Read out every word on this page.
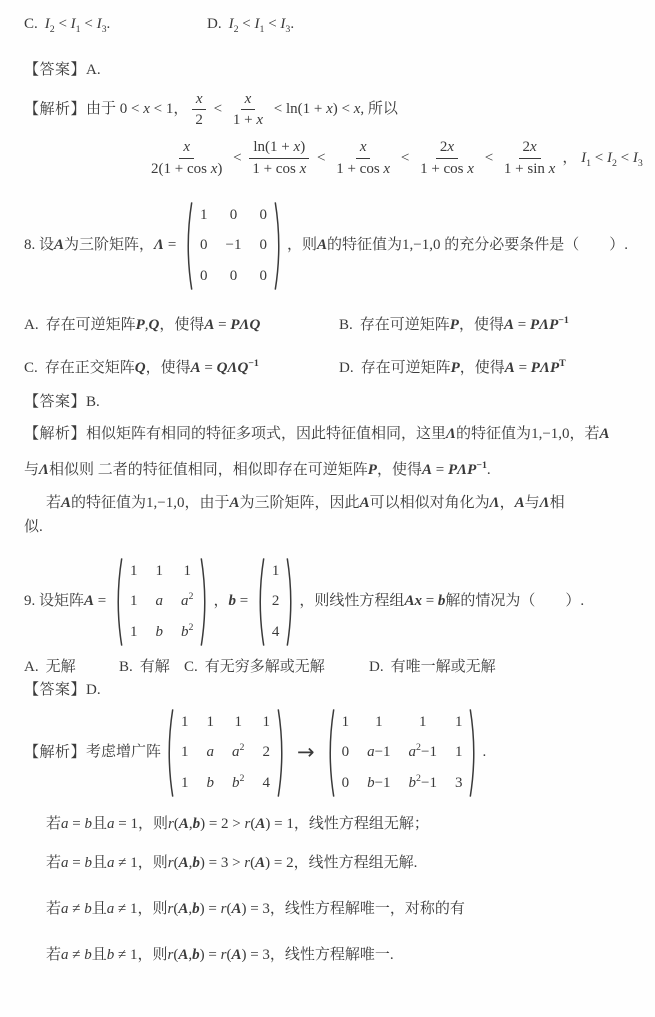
C. $I_2 < I_1 < I_3$.	D. $I_2 < I_1 < I_3$.
【答案】A.
【解析】由于 0 < x < 1， $\frac{x}{2} < \frac{x}{1 + x} < \ln(1 + x) < x$, 所以
$\frac{x}{\text{2(1 + cos x)}} < \frac{\ln(1 + x)}{\text{1 + cos x}} < \frac{x}{\text{1 + cos x}} < \frac{2x}{\text{1 + cos x}} < \frac{2x}{\text{1 + sin x}}$ ， $I_1 < I_2 < I_3$
8. 设A为三阶矩阵，Λ =
1 0 0
0 −1 0
0 0 0
，则A的特征值为1,−1,0 的充分必要条件是（　　）.
A. 存在可逆矩阵P,Q，使得A = PΛQ	B. 存在可逆矩阵P，使得$A = P\Lambda P^{-1}$
C. 存在正交矩阵Q，使得$A = Q\Lambda Q^{-1}$	D. 存在可逆矩阵P，使得$A = P\Lambda P^T$
【答案】B.
【解析】相似矩阵有相同的特征多项式，因此特征值相同，这里Λ的特征值为1,−1,0，若A
与Λ相似则 二者的特征值相同，相似即存在可逆矩阵P，使得$A = P\Lambda P^{-1}$.
若A的特征值为1,−1,0，由于A为三阶矩阵，因此A可以相似对角化为Λ，A与Λ相
似.
9. 设矩阵A =
1 1 1
1 a $a^2$
1 b $b^2$
，b =
1
2
4
，则线性方程组Ax = b解的情况为（　　）.
A. 无解	B. 有解 C. 有无穷多解或无解	D. 有唯一解或无解
【答案】D.
【解析】考虑增广阵
1 1 1 1
1 a $a^2$ 2
1 b $b^2$ 4
→
1 1 1 1
0 a−1 $a^2-1$ 1
0 b−1 $b^2-1$ 3
.
若a = b且a = 1，则r(A,b) = 2 > r(A) = 1，线性方程组无解；
若a = b且a ≠ 1，则r(A,b) = 3 > r(A) = 2，线性方程组无解.
若a ≠ b且a ≠ 1，则r(A,b) = r(A) = 3，线性方程解唯一，对称的有
若a ≠ b且b ≠ 1，则r(A,b) = r(A) = 3，线性方程解唯一.
